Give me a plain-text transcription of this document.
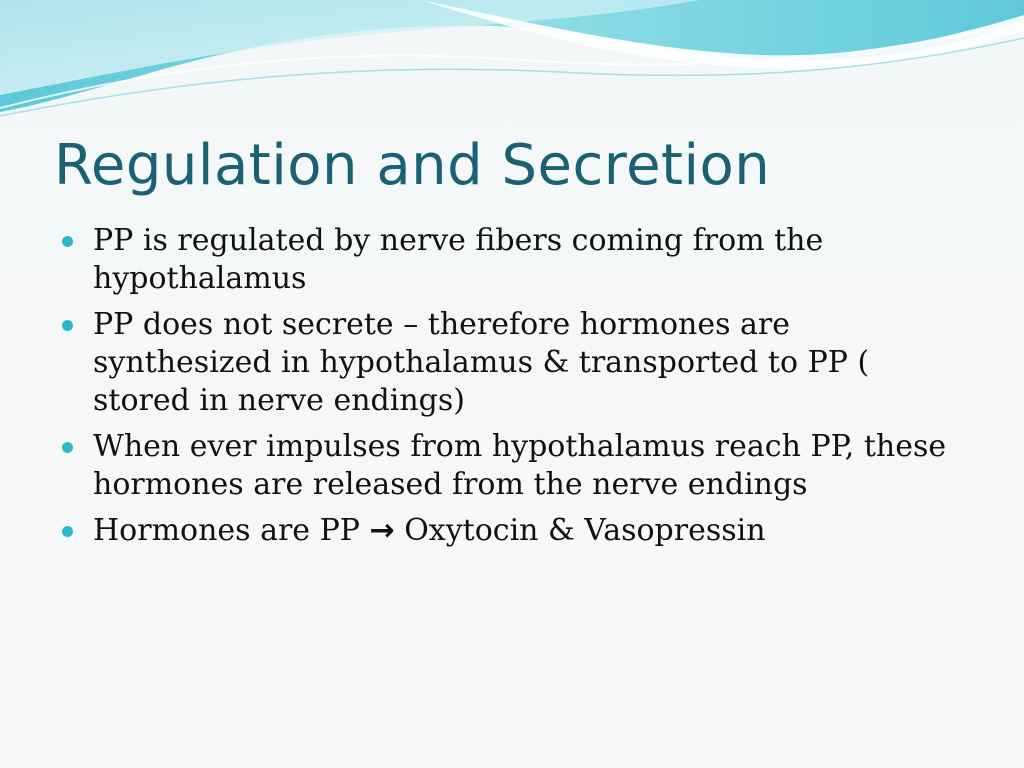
Regulation and Secretion
PP is regulated by nerve fibers coming from the hypothalamus
PP does not secrete – therefore hormones are synthesized in hypothalamus & transported to PP ( stored in nerve endings)
When ever impulses from hypothalamus reach PP, these hormones are released from the nerve endings
Hormones are PP → Oxytocin & Vasopressin
